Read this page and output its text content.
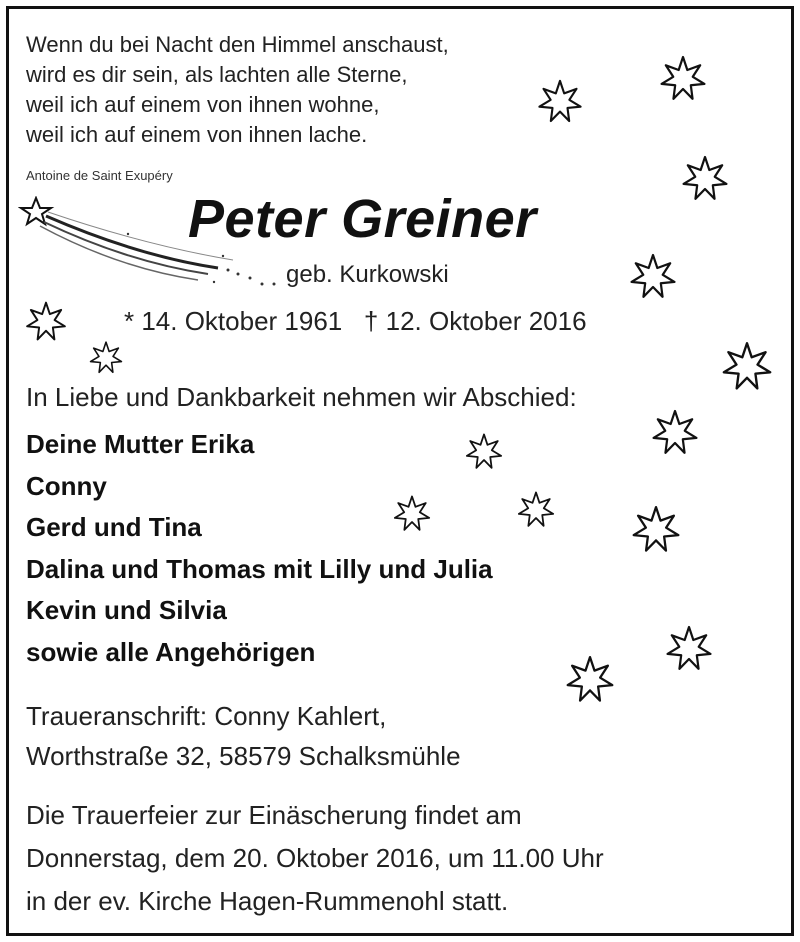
Wenn du bei Nacht den Himmel anschaust,
wird es dir sein, als lachten alle Sterne,
weil ich auf einem von ihnen wohne,
weil ich auf einem von ihnen lache.
Antoine de Saint Exupéry
Peter Greiner
geb. Kurkowski
* 14. Oktober 1961   † 12. Oktober 2016
In Liebe und Dankbarkeit nehmen wir Abschied:
Deine Mutter Erika
Conny
Gerd und Tina
Dalina und Thomas mit Lilly und Julia
Kevin und Silvia
sowie alle Angehörigen
Traueranschrift: Conny Kahlert,
Worthstraße 32, 58579 Schalksmühle
Die Trauerfeier zur Einäscherung findet am
Donnerstag, dem 20. Oktober 2016, um 11.00 Uhr
in der ev. Kirche Hagen-Rummenohl statt.
